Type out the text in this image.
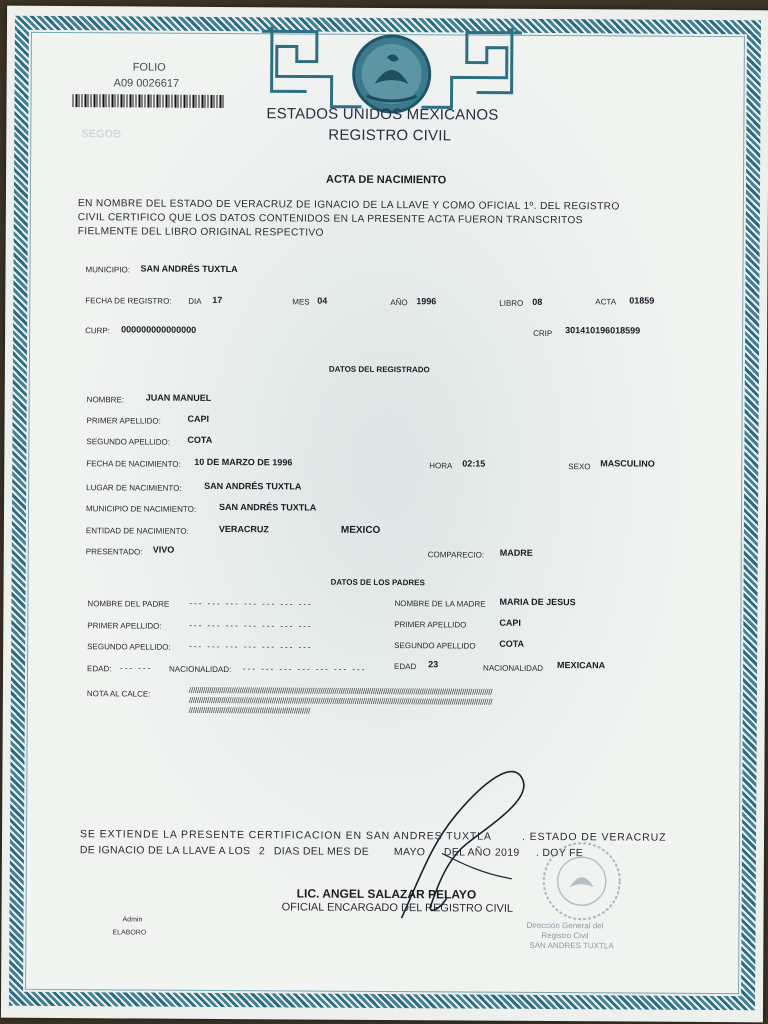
SEGOB
FOLIO
A09 0026617
ESTADOS UNIDOS MEXICANOS
REGISTRO CIVIL
ACTA DE NACIMIENTO
EN NOMBRE DEL ESTADO DE VERACRUZ DE IGNACIO DE LA LLAVE Y COMO OFICIAL 1º. DEL REGISTRO
CIVIL CERTIFICO QUE LOS DATOS CONTENIDOS EN LA PRESENTE ACTA FUERON TRANSCRITOS
FIELMENTE DEL LIBRO ORIGINAL RESPECTIVO
MUNICIPIO: SAN ANDRÉS TUXTLA
FECHA DE REGISTRO: DIA 17	MES 04	AÑO 1996	LIBRO 08	ACTA 01859
CURP: 000000000000000	CRIP 301410196018599
DATOS DEL REGISTRADO
NOMBRE: JUAN MANUEL
PRIMER APELLIDO:	CAPI
SEGUNDO APELLIDO: COTA
FECHA DE NACIMIENTO: 10 DE MARZO DE 1996	HORA 02:15	SEXO MASCULINO
LUGAR DE NACIMIENTO:	SAN ANDRÉS TUXTLA
MUNICIPIO DE NACIMIENTO:	SAN ANDRÉS TUXTLA
ENTIDAD DE NACIMIENTO:	VERACRUZ	MEXICO
PRESENTADO: VIVO
COMPARECIO: MADRE
DATOS DE LOS PADRES
NOMBRE DEL PADRE	--- --- --- --- --- --- ---
PRIMER APELLIDO:	--- --- --- --- --- --- ---
SEGUNDO APELLIDO: --- --- --- --- --- --- ---
EDAD: --- --- NACIONALIDAD: --- --- --- --- --- --- ---
NOMBRE DE LA MADRE MARIA DE JESUS
PRIMER APELLIDO	CAPI
SEGUNDO APELLIDO	COTA
EDAD 23	NACIONALIDAD MEXICANA
NOTA AL CALCE:	//////////////////////////////////////////////////////////////////////////////////////////////////////////////////////////////////////////////////////
//////////////////////////////////////////////////////////////////////////////////////////////////////////////////////////////////////////////////////
////////////////////////////////////////////////////////////
SE EXTIENDE LA PRESENTE CERTIFICACION EN SAN ANDRES TUXTLA	. ESTADO DE VERACRUZ
DE IGNACIO DE LA LLAVE A LOS 2 DIAS DEL MES DE MAYO DEL AÑO 2019 . DOY FE
LIC. ANGEL SALAZAR PELAYO
OFICIAL ENCARGADO DEL REGISTRO CIVIL
Admin
ELABORO
Dirección General del
Registro Civil
SAN ANDRES TUXTLA
